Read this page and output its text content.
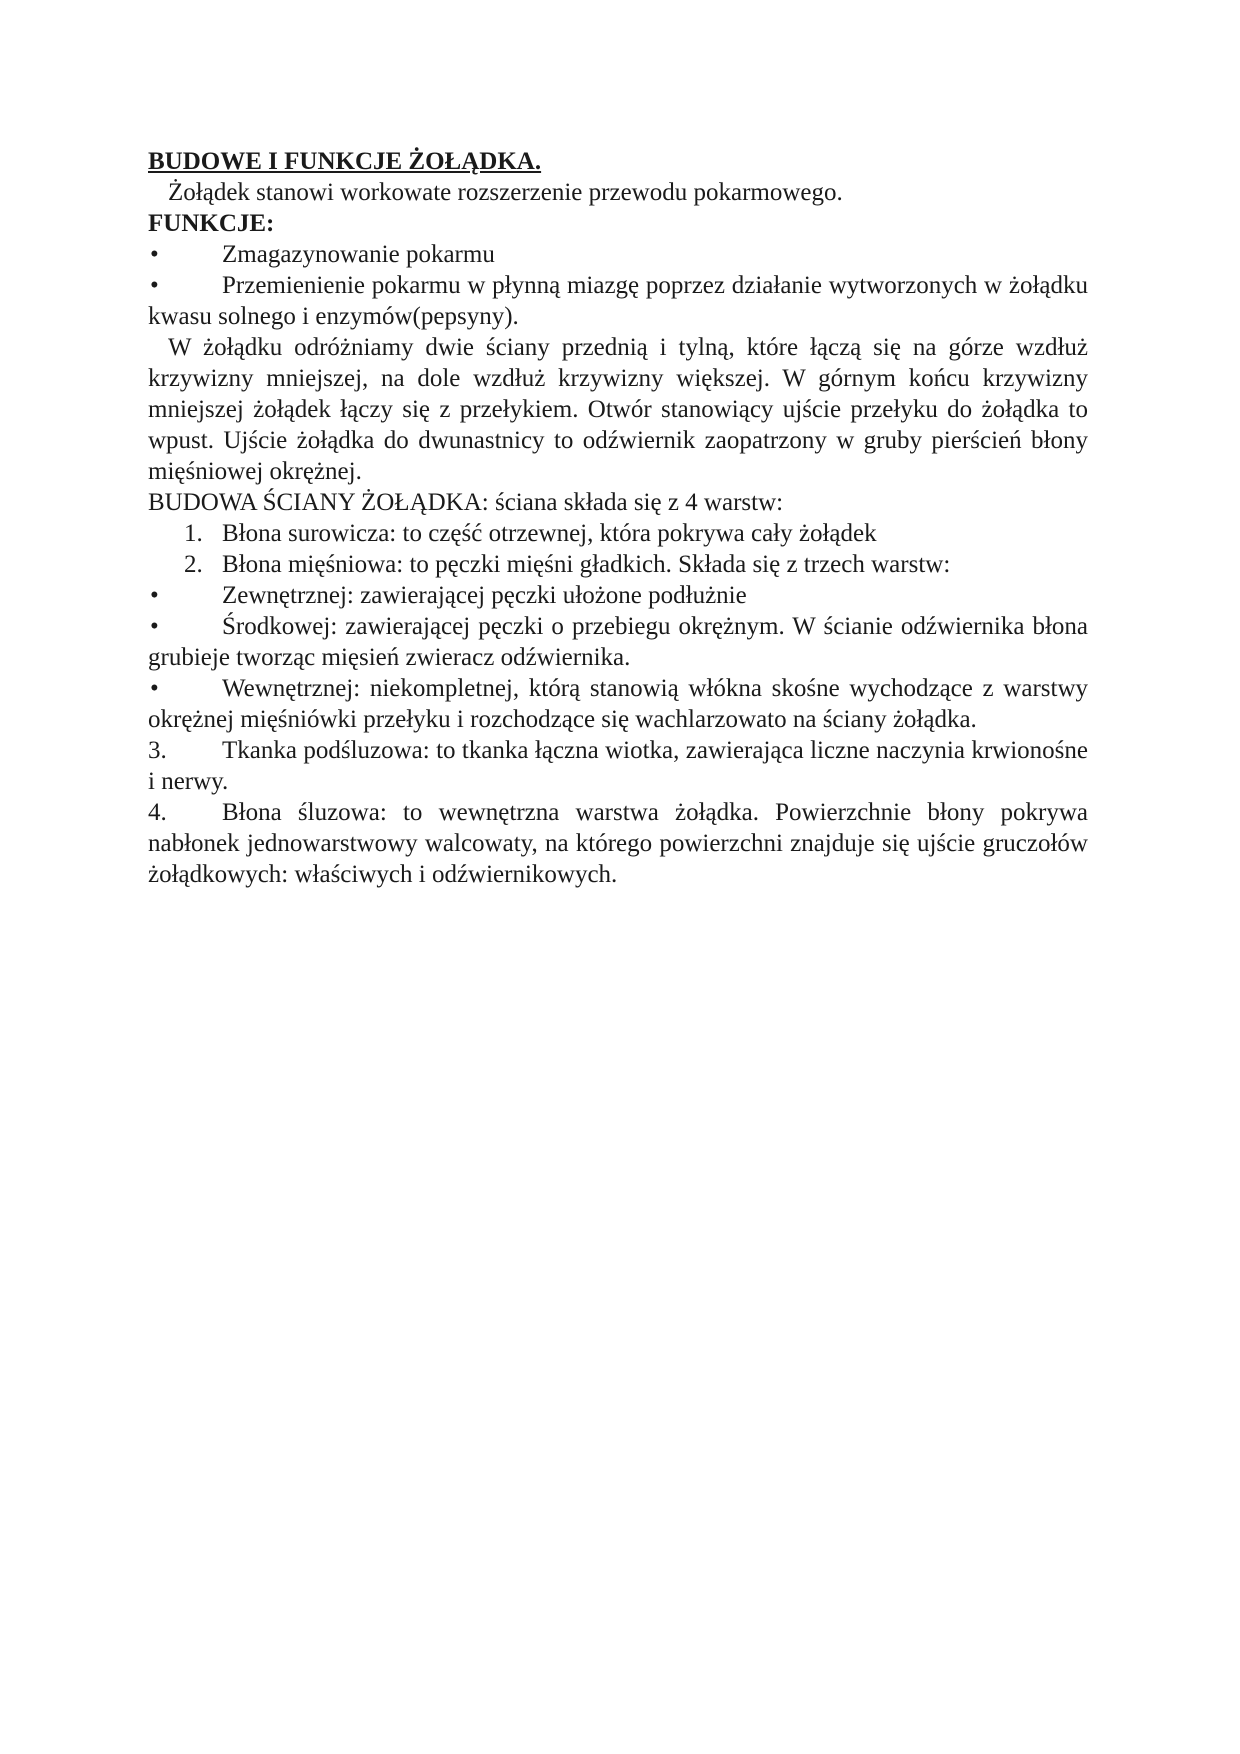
BUDOWE I FUNKCJE ŻOŁĄDKA.

Żołądek stanowi workowate rozszerzenie przewodu pokarmowego.

FUNKCJE:

•	Zmagazynowanie pokarmu

•	Przemienienie pokarmu w płynną miazgę poprzez działanie wytworzonych w żołądku kwasu solnego i enzymów(pepsyny).

W żołądku odróżniamy dwie ściany przednią i tylną, które łączą się na górze wzdłuż krzywizny mniejszej, na dole wzdłuż krzywizny większej. W górnym końcu krzywizny mniejszej żołądek łączy się z przełykiem. Otwór stanowiący ujście przełyku do żołądka to wpust. Ujście żołądka do dwunastnicy to odźwiernik zaopatrzony w gruby pierścień błony mięśniowej okrężnej.

BUDOWA ŚCIANY ŻOŁĄDKA: ściana składa się z 4 warstw:

1. Błona surowicza: to część otrzewnej, która pokrywa cały żołądek

2. Błona mięśniowa: to pęczki mięśni gładkich. Składa się z trzech warstw:

•	Zewnętrznej: zawierającej pęczki ułożone podłużnie

•	Środkowej: zawierającej pęczki o przebiegu okrężnym. W ścianie odźwiernika błona grubieje tworząc mięsień zwieracz odźwiernika.

•	Wewnętrznej: niekompletnej, którą stanowią włókna skośne wychodzące z warstwy okrężnej mięśniówki przełyku i rozchodzące się wachlarzowato na ściany żołądka.

3. Tkanka podśluzowa: to tkanka łączna wiotka, zawierająca liczne naczynia krwionośne i nerwy.

4. Błona śluzowa: to wewnętrzna warstwa żołądka. Powierzchnie błony pokrywa nabłonek jednowarstwowy walcowaty, na którego powierzchni znajduje się ujście gruczołów żołądkowych: właściwych i odźwiernikowych.
